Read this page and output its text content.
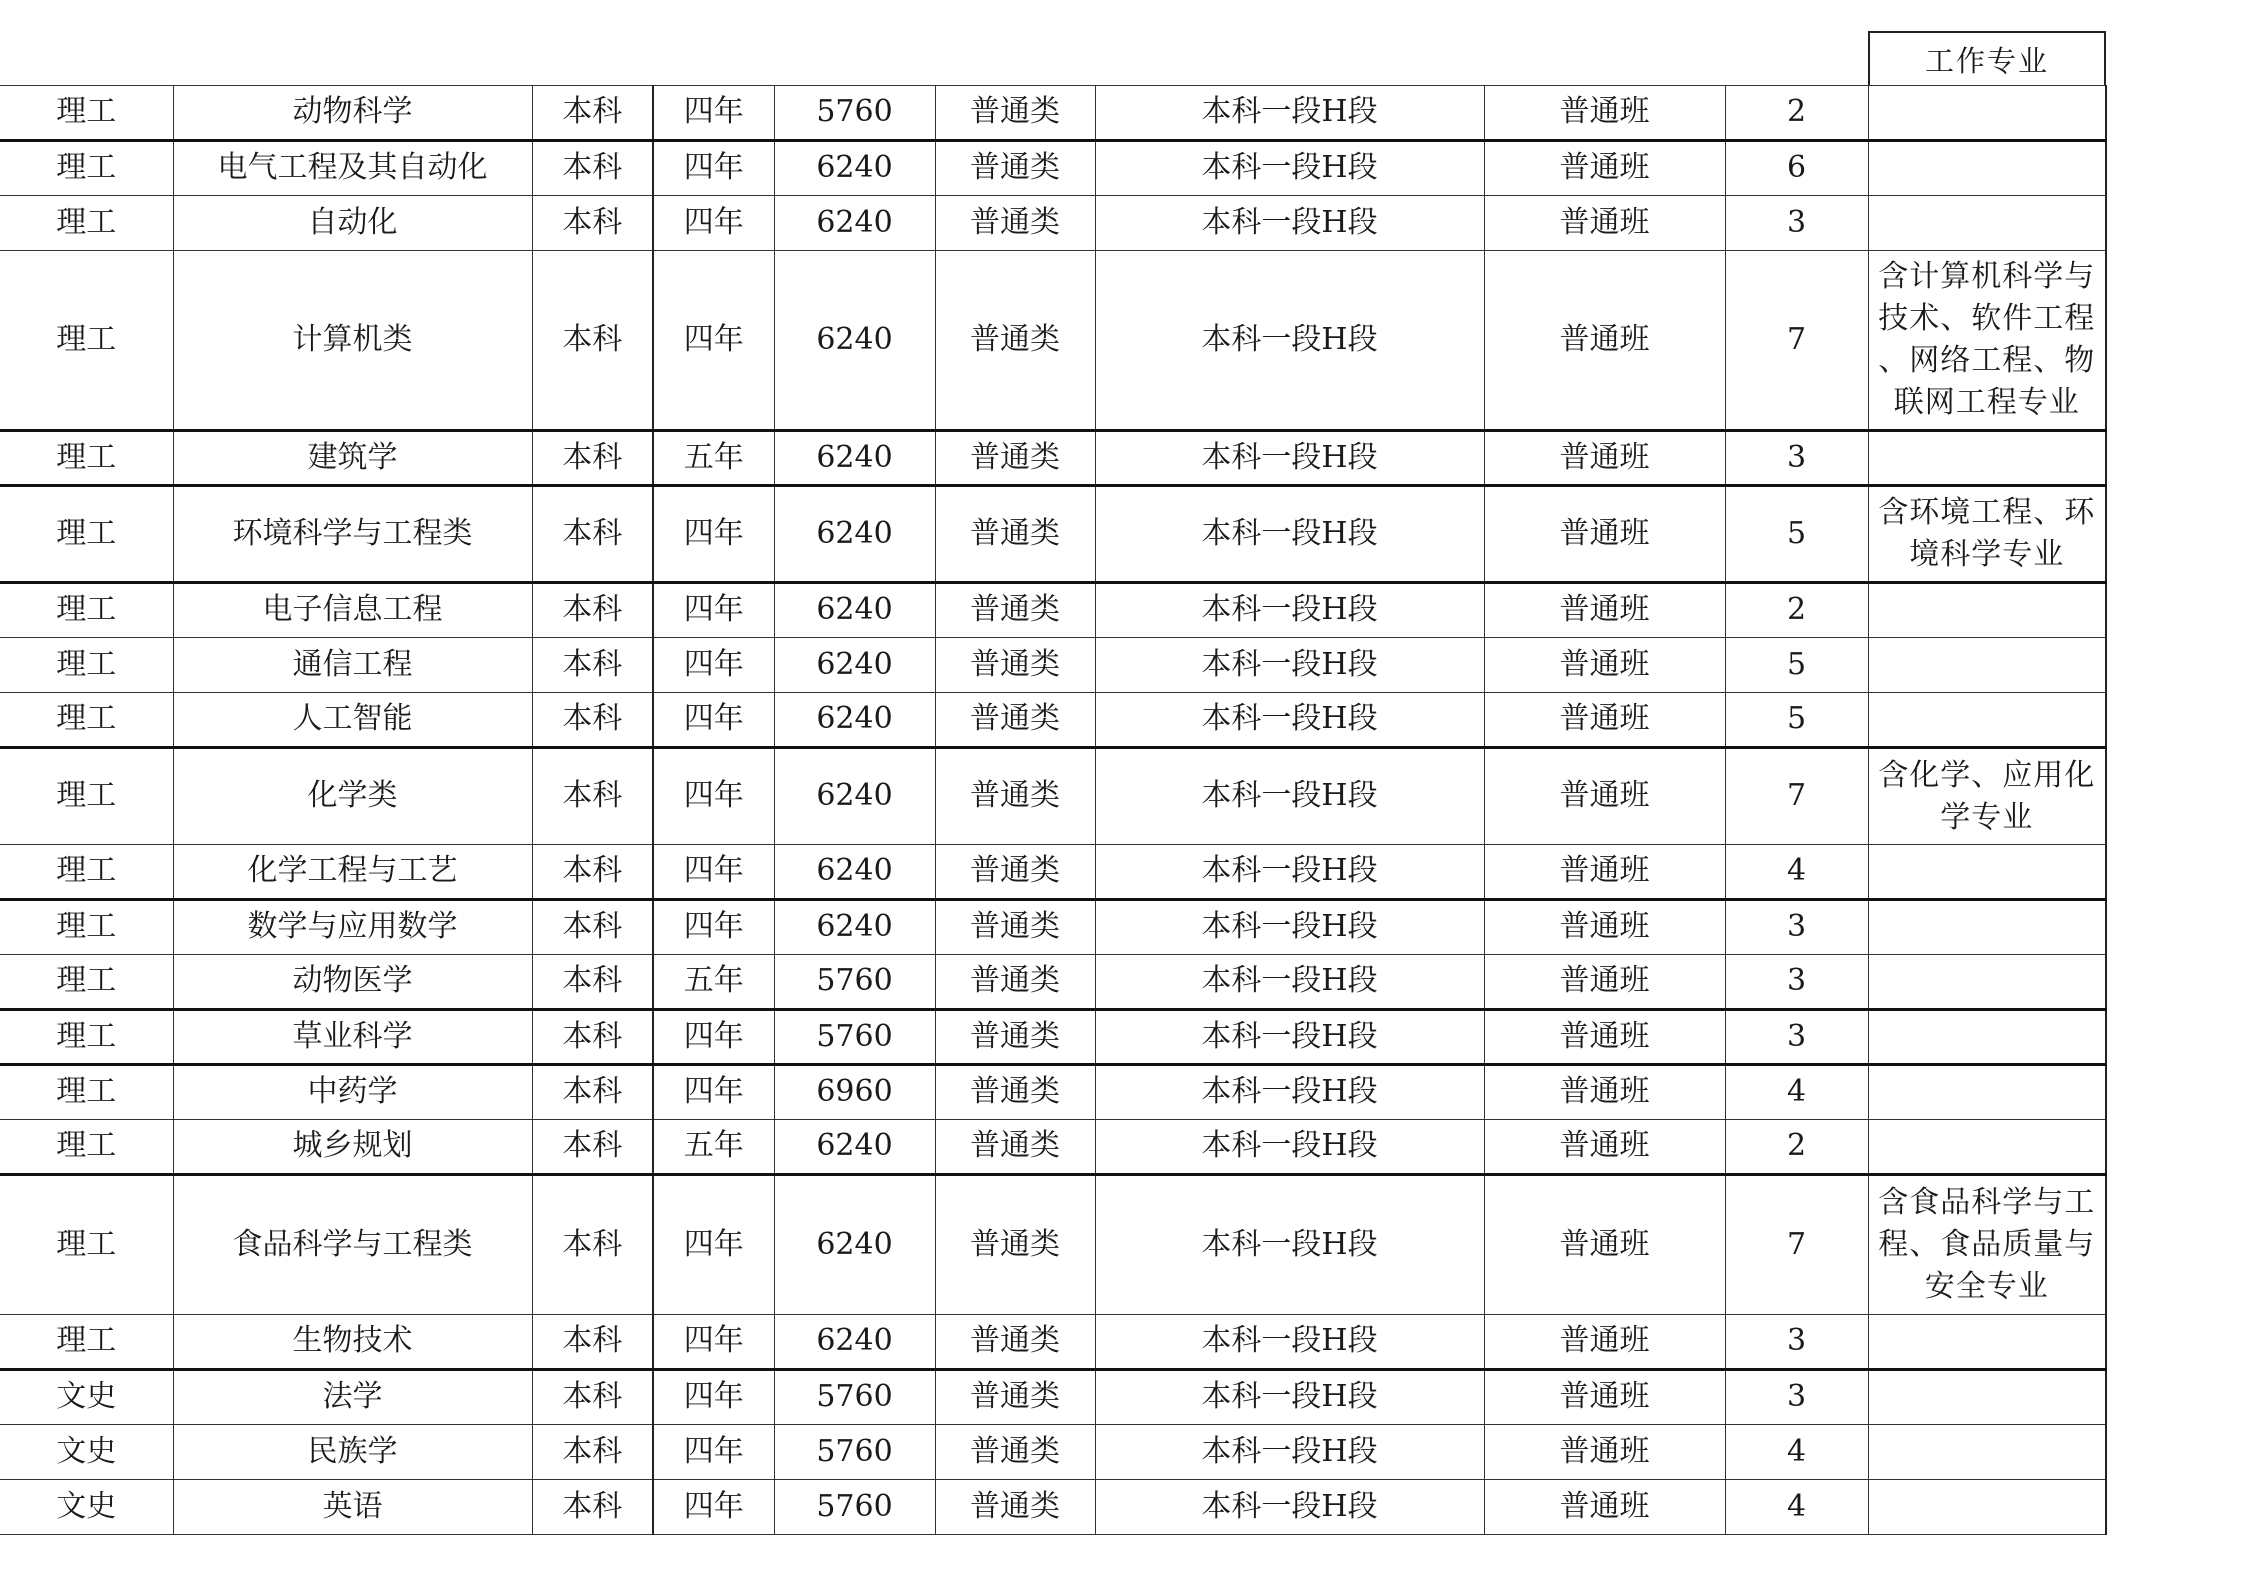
工作专业
理工	动物科学	本科	四年	5760	普通类	本科一段H段	普通班	2	
理工	电气工程及其自动化	本科	四年	6240	普通类	本科一段H段	普通班	6	
理工	自动化	本科	四年	6240	普通类	本科一段H段	普通班	3	
理工	计算机类	本科	四年	6240	普通类	本科一段H段	普通班	7	含计算机科学与
技术、软件工程
、网络工程、物
联网工程专业

理工	建筑学	本科	五年	6240	普通类	本科一段H段	普通班	3	
理工	环境科学与工程类	本科	四年	6240	普通类	本科一段H段	普通班	5	含环境工程、环
境科学专业

理工	电子信息工程	本科	四年	6240	普通类	本科一段H段	普通班	2	
理工	通信工程	本科	四年	6240	普通类	本科一段H段	普通班	5	
理工	人工智能	本科	四年	6240	普通类	本科一段H段	普通班	5	
理工	化学类	本科	四年	6240	普通类	本科一段H段	普通班	7	含化学、应用化
学专业

理工	化学工程与工艺	本科	四年	6240	普通类	本科一段H段	普通班	4	
理工	数学与应用数学	本科	四年	6240	普通类	本科一段H段	普通班	3	
理工	动物医学	本科	五年	5760	普通类	本科一段H段	普通班	3	
理工	草业科学	本科	四年	5760	普通类	本科一段H段	普通班	3	
理工	中药学	本科	四年	6960	普通类	本科一段H段	普通班	4	
理工	城乡规划	本科	五年	6240	普通类	本科一段H段	普通班	2	
理工	食品科学与工程类	本科	四年	6240	普通类	本科一段H段	普通班	7	含食品科学与工
程、食品质量与
安全专业

理工	生物技术	本科	四年	6240	普通类	本科一段H段	普通班	3	
文史	法学	本科	四年	5760	普通类	本科一段H段	普通班	3	
文史	民族学	本科	四年	5760	普通类	本科一段H段	普通班	4	
文史	英语	本科	四年	5760	普通类	本科一段H段	普通班	4	
